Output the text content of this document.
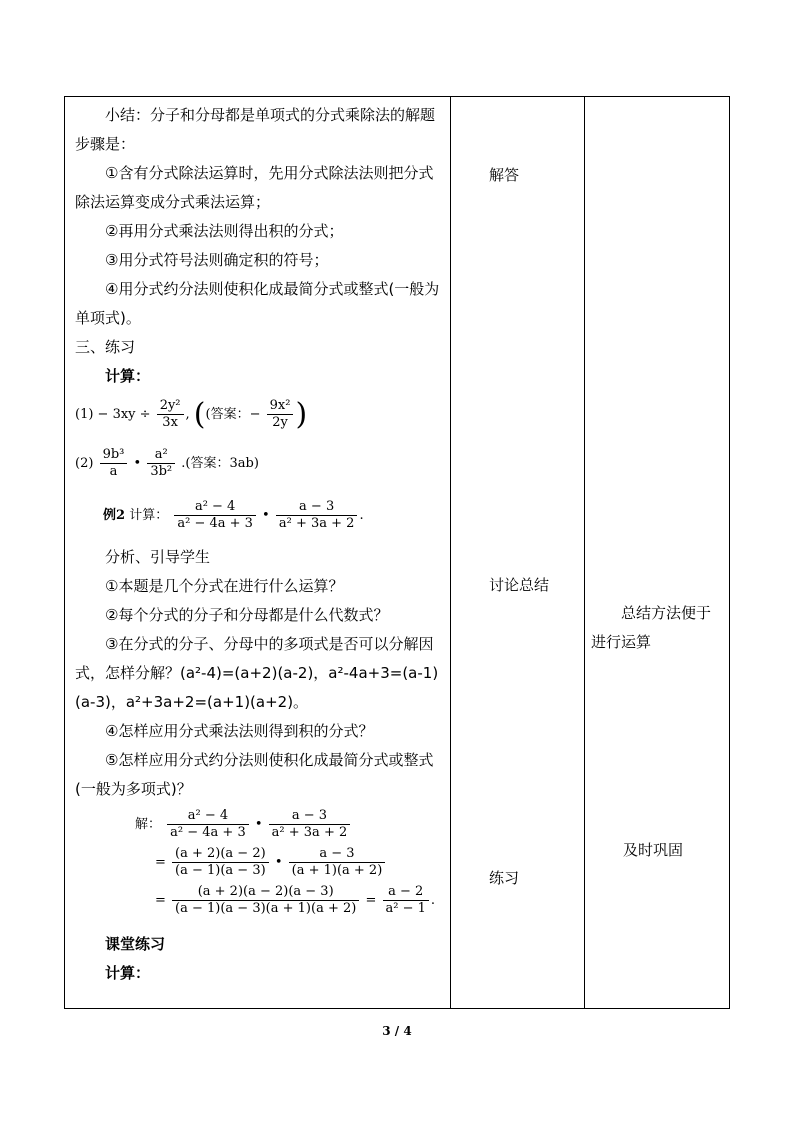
小结：分子和分母都是单项式的分式乘除法的解题步骤是：

①含有分式除法运算时，先用分式除法法则把分式除法运算变成分式乘法运算；

②再用分式乘法法则得出积的分式；

③用分式符号法则确定积的符号；

④用分式约分法则使积化成最简分式或整式(一般为单项式)。

三、练习

计算：

$(1) - 3xy \div \frac{\text{2y²}}{3x}$ , ((答案：− $\frac{\text{9x²}}{2y}$ )
$(2) \frac{\text{9b³}}{a}$ • $\frac{\text{a²}}{\text{3b²}}$ .(答案：3ab)
例2 计算： $\frac{\text{a² − 4}}{\text{a² − 4a + 3}}$ • $\frac{a - 3}{\text{a² + 3a + 2}}$ .

分析、引导学生

①本题是几个分式在进行什么运算？

②每个分式的分子和分母都是什么代数式？

③在分式的分子、分母中的多项式是否可以分解因式，怎样分解？(a²-4)=(a+2)(a-2)，a²-4a+3=(a-1)(a-3)，a²+3a+2=(a+1)(a+2)。

④怎样应用分式乘法法则得到积的分式？

⑤怎样应用分式约分法则使积化成最简分式或整式(一般为多项式)？

解： $\frac{\text{a² − 4}}{\text{a² − 4a + 3}}$ • $\frac{a - 3}{\text{a² + 3a + 2}}$
= $\frac{(a + 2)(a - 2)}{(a - 1)(a - 3)}$ • $\frac{a - 3}{(a + 1)(a + 2)}$
= $\frac{(a + 2)(a - 2)(a - 3)}{(a - 1)(a - 3)(a + 1)(a + 2)} = \frac{a - 2}{\text{a² − 1}}$ .

课堂练习

计算：

解答
讨论总结
练习
总结方法便于进行运算
及时巩固
3 / 4
